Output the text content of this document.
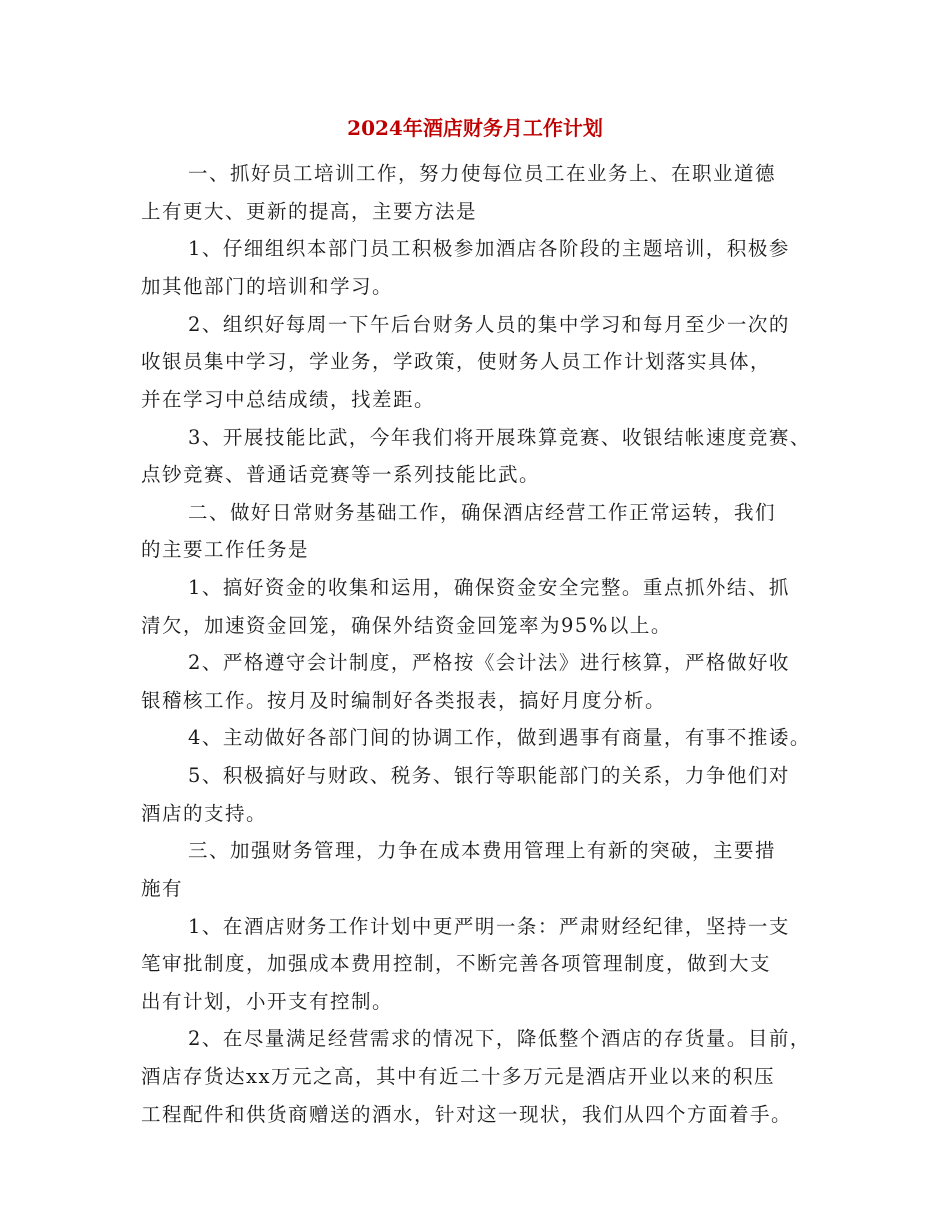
2024年酒店财务月工作计划
一、抓好员工培训工作，努力使每位员工在业务上、在职业道德
上有更大、更新的提高，主要方法是
1、仔细组织本部门员工积极参加酒店各阶段的主题培训，积极参
加其他部门的培训和学习。
2、组织好每周一下午后台财务人员的集中学习和每月至少一次的
收银员集中学习，学业务，学政策，使财务人员工作计划落实具体，
并在学习中总结成绩，找差距。
3、开展技能比武，今年我们将开展珠算竞赛、收银结帐速度竞赛、
点钞竞赛、普通话竞赛等一系列技能比武。
二、做好日常财务基础工作，确保酒店经营工作正常运转，我们
的主要工作任务是
1、搞好资金的收集和运用，确保资金安全完整。重点抓外结、抓
清欠，加速资金回笼，确保外结资金回笼率为95%以上。
2、严格遵守会计制度，严格按《会计法》进行核算，严格做好收
银稽核工作。按月及时编制好各类报表，搞好月度分析。
4、主动做好各部门间的协调工作，做到遇事有商量，有事不推诿。
5、积极搞好与财政、税务、银行等职能部门的关系，力争他们对
酒店的支持。
三、加强财务管理，力争在成本费用管理上有新的突破，主要措
施有
1、在酒店财务工作计划中更严明一条：严肃财经纪律，坚持一支
笔审批制度，加强成本费用控制，不断完善各项管理制度，做到大支
出有计划，小开支有控制。
2、在尽量满足经营需求的情况下，降低整个酒店的存货量。目前，
酒店存货达xx万元之高，其中有近二十多万元是酒店开业以来的积压
工程配件和供货商赠送的酒水，针对这一现状，我们从四个方面着手。
